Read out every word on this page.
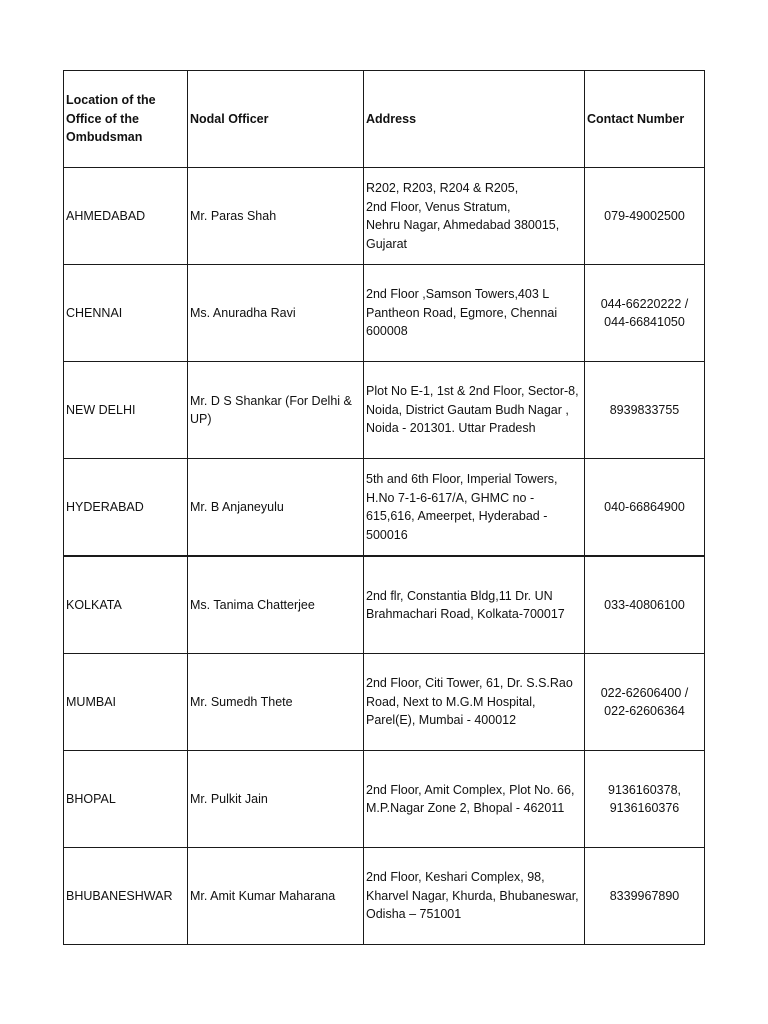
Location of the Office of the Ombudsman	Nodal Officer	Address	Contact Number
AHMEDABAD	Mr. Paras Shah	R202, R203, R204 & R205,
2nd Floor, Venus Stratum,
Nehru Nagar, Ahmedabad 380015,
Gujarat	079-49002500

CHENNAI	Ms. Anuradha Ravi	2nd Floor ,Samson Towers,403 L
Pantheon Road, Egmore, Chennai
600008	044-66220222 /
044-66841050

NEW DELHI	Mr. D S Shankar (For Delhi & UP)	Plot No E-1, 1st & 2nd Floor, Sector-8,
Noida, District Gautam Budh Nagar ,
Noida - 201301. Uttar Pradesh	8939833755

HYDERABAD	Mr. B Anjaneyulu	5th and 6th Floor, Imperial Towers,
H.No 7-1-6-617/A, GHMC no -
615,616, Ameerpet, Hyderabad -
500016	040-66864900

KOLKATA	Ms. Tanima Chatterjee	2nd flr, Constantia Bldg,11 Dr. UN
Brahmachari Road, Kolkata-700017	033-40806100

MUMBAI	Mr. Sumedh Thete	2nd Floor, Citi Tower, 61, Dr. S.S.Rao
Road, Next to M.G.M Hospital,
Parel(E), Mumbai - 400012	022-62606400 /
022-62606364

BHOPAL	Mr. Pulkit Jain	2nd Floor, Amit Complex, Plot No. 66,
M.P.Nagar Zone 2, Bhopal - 462011	9136160378,
9136160376

BHUBANESHWAR	Mr. Amit Kumar Maharana	2nd Floor, Keshari Complex, 98,
Kharvel Nagar, Khurda, Bhubaneswar,
Odisha – 751001	8339967890
